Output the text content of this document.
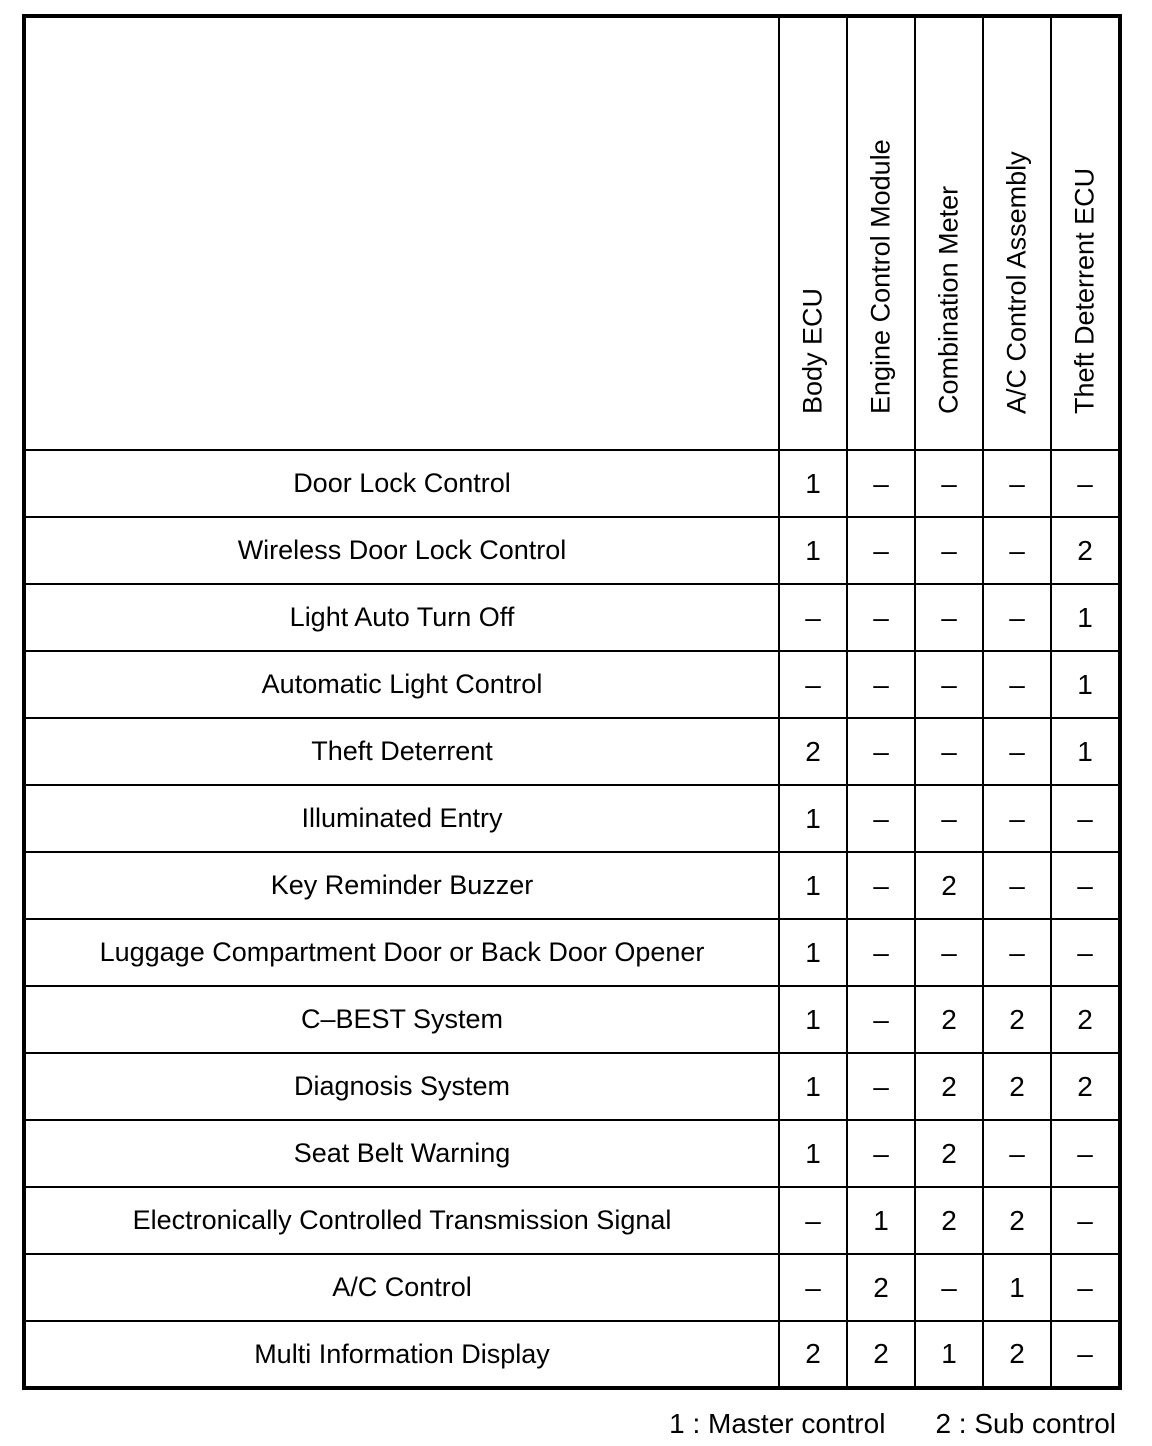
	Body ECU	Engine Control Module	Combination Meter	A/C Control Assembly	Theft Deterrent ECU

Door Lock Control	1	–	–	–	–
Wireless Door Lock Control	1	–	–	–	2
Light Auto Turn Off	–	–	–	–	1
Automatic Light Control	–	–	–	–	1
Theft Deterrent	2	–	–	–	1
Illuminated Entry	1	–	–	–	–
Key Reminder Buzzer	1	–	2	–	–
Luggage Compartment Door or Back Door Opener	1	–	–	–	–
C–BEST System	1	–	2	2	2
Diagnosis System	1	–	2	2	2
Seat Belt Warning	1	–	2	–	–
Electronically Controlled Transmission Signal	–	1	2	2	–
A/C Control	–	2	–	1	–
Multi Information Display	2	2	1	2	–
1 : Master control 2 : Sub control
